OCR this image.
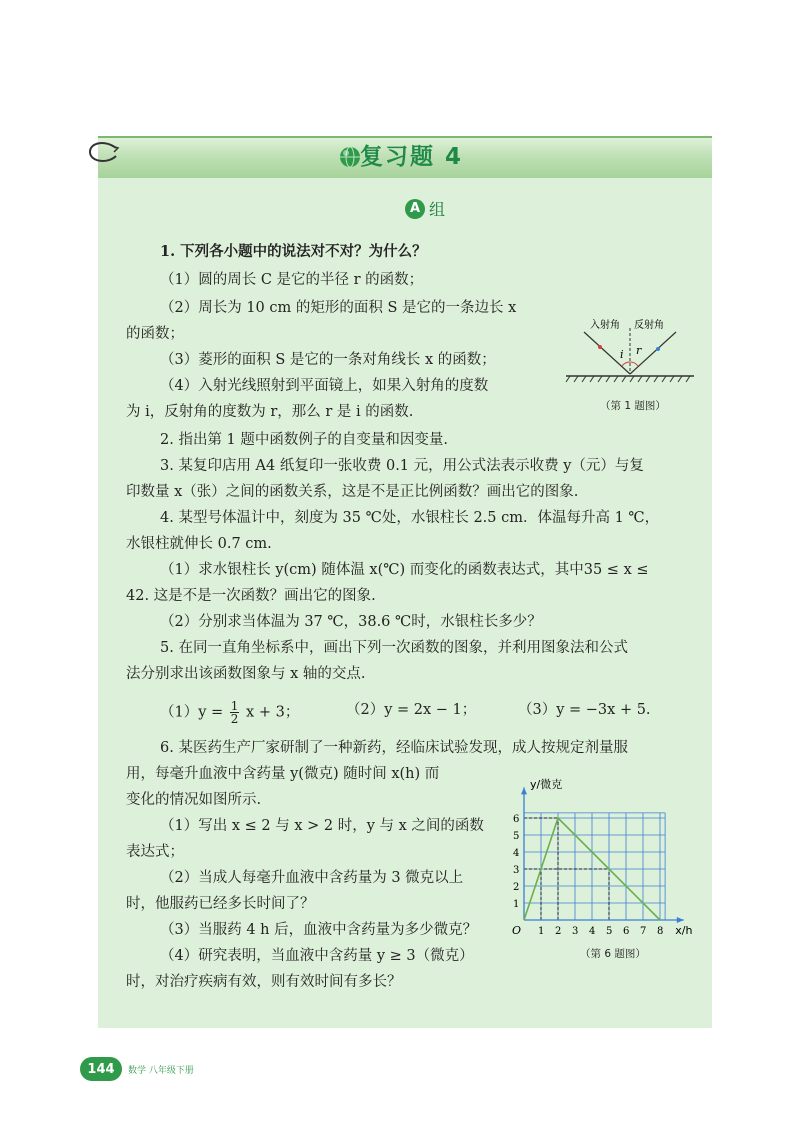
复习题 4
A 组
1. 下列各小题中的说法对不对？为什么？
（1）圆的周长 C 是它的半径 r 的函数；
（2）周长为 10 cm 的矩形的面积 S 是它的一条边长 x
的函数；
（3）菱形的面积 S 是它的一条对角线长 x 的函数；
（4）入射光线照射到平面镜上，如果入射角的度数
为 i，反射角的度数为 r，那么 r 是 i 的函数.
入射角 反射角
i r
（第 1 题图）
2. 指出第 1 题中函数例子的自变量和因变量.
3. 某复印店用 A4 纸复印一张收费 0.1 元，用公式法表示收费 y（元）与复
印数量 x（张）之间的函数关系，这是不是正比例函数？画出它的图象.
4. 某型号体温计中，刻度为 35 ℃处，水银柱长 2.5 cm．体温每升高 1 ℃，
水银柱就伸长 0.7 cm.
（1）求水银柱长 y(cm) 随体温 x(℃) 而变化的函数表达式，其中35 ≤ x ≤
42. 这是不是一次函数？画出它的图象.
（2）分别求当体温为 37 ℃，38.6 ℃时，水银柱长多少？
5. 在同一直角坐标系中，画出下列一次函数的图象，并利用图象法和公式
法分别求出该函数图象与 x 轴的交点.
$(1)y = \frac{1}{2}$ x + 3；	（2）y = 2x − 1；	（3）y = −3x + 5.
6. 某医药生产厂家研制了一种新药，经临床试验发现，成人按规定剂量服
用，每毫升血液中含药量 y(微克) 随时间 x(h) 而
变化的情况如图所示.
（1）写出 x ≤ 2 与 x > 2 时，y 与 x 之间的函数
表达式；
（2）当成人每毫升血液中含药量为 3 微克以上
时，他服药已经多长时间了？
（3）当服药 4 h 后，血液中含药量为多少微克？
（4）研究表明，当血液中含药量 y ≥ 3（微克）
时，对治疗疾病有效，则有效时间有多长？
1 2 3 4 5 6 7 8
1
2
3
4
5
6
y/微克
x/h
O
（第 6 题图）
144	数学 八年级下册
